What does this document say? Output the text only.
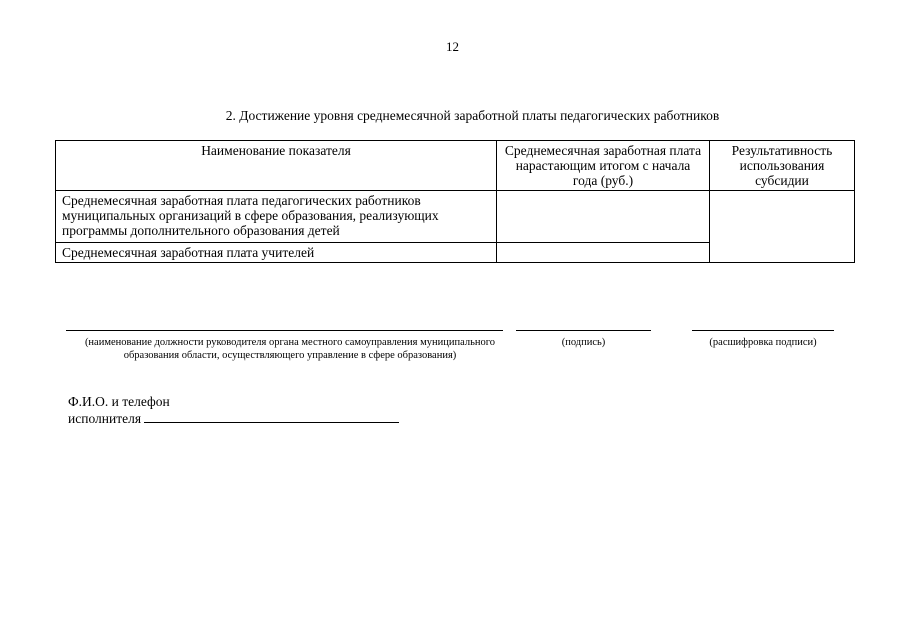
12
2. Достижение уровня среднемесячной заработной платы педагогических работников
Наименование показателя	Среднемесячная заработная плата нарастающим итогом с начала года (руб.)	Результативность использования субсидии
Среднемесячная заработная плата педагогических работников муниципальных организаций в сфере образования, реализующих программы дополнительного образования детей		
Среднемесячная заработная плата учителей		
(наименование должности руководителя органа местного самоуправления муниципального образования области, осуществляющего управление в сфере образования)
(подпись)	(расшифровка подписи)
Ф.И.О. и телефон
исполнителя
